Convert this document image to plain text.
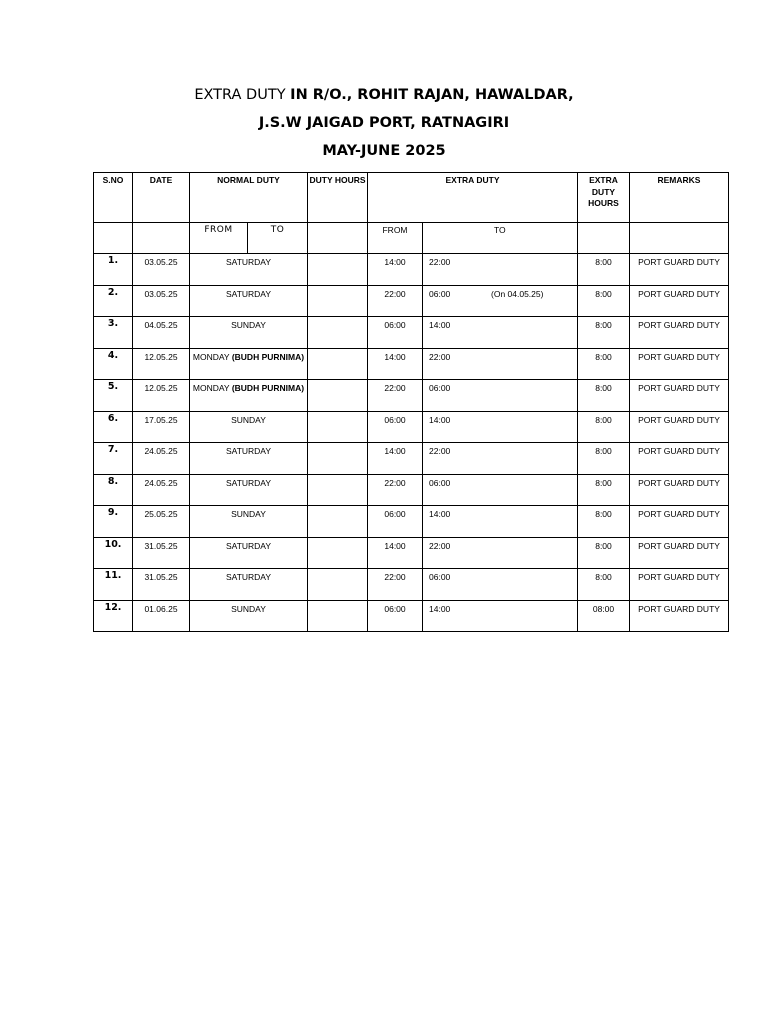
EXTRA DUTY IN R/O., ROHIT RAJAN, HAWALDAR,
J.S.W JAIGAD PORT, RATNAGIRI
MAY-JUNE 2025
S.NO	DATE	NORMAL DUTY		DUTY HOURS	EXTRA DUTY		EXTRA DUTY HOURS	REMARKS
		FROM	TO		FROM	TO		
1.	03.05.25	SATURDAY			14:00	22:00	8:00	PORT GUARD DUTY
2.	03.05.25	SATURDAY			22:00	06:00 (On 04.05.25)	8:00	PORT GUARD DUTY
3.	04.05.25	SUNDAY			06:00	14:00	8:00	PORT GUARD DUTY
4.	12.05.25	MONDAY (BUDH PURNIMA)			14:00	22:00	8:00	PORT GUARD DUTY
5.	12.05.25	MONDAY (BUDH PURNIMA)			22:00	06:00	8:00	PORT GUARD DUTY
6.	17.05.25	SUNDAY			06:00	14:00	8:00	PORT GUARD DUTY
7.	24.05.25	SATURDAY			14:00	22:00	8:00	PORT GUARD DUTY
8.	24.05.25	SATURDAY			22:00	06:00	8:00	PORT GUARD DUTY
9.	25.05.25	SUNDAY			06:00	14:00	8:00	PORT GUARD DUTY
10.	31.05.25	SATURDAY			14:00	22:00	8:00	PORT GUARD DUTY
11.	31.05.25	SATURDAY			22:00	06:00	8:00	PORT GUARD DUTY
12.	01.06.25	SUNDAY			06:00	14:00	08:00	PORT GUARD DUTY
